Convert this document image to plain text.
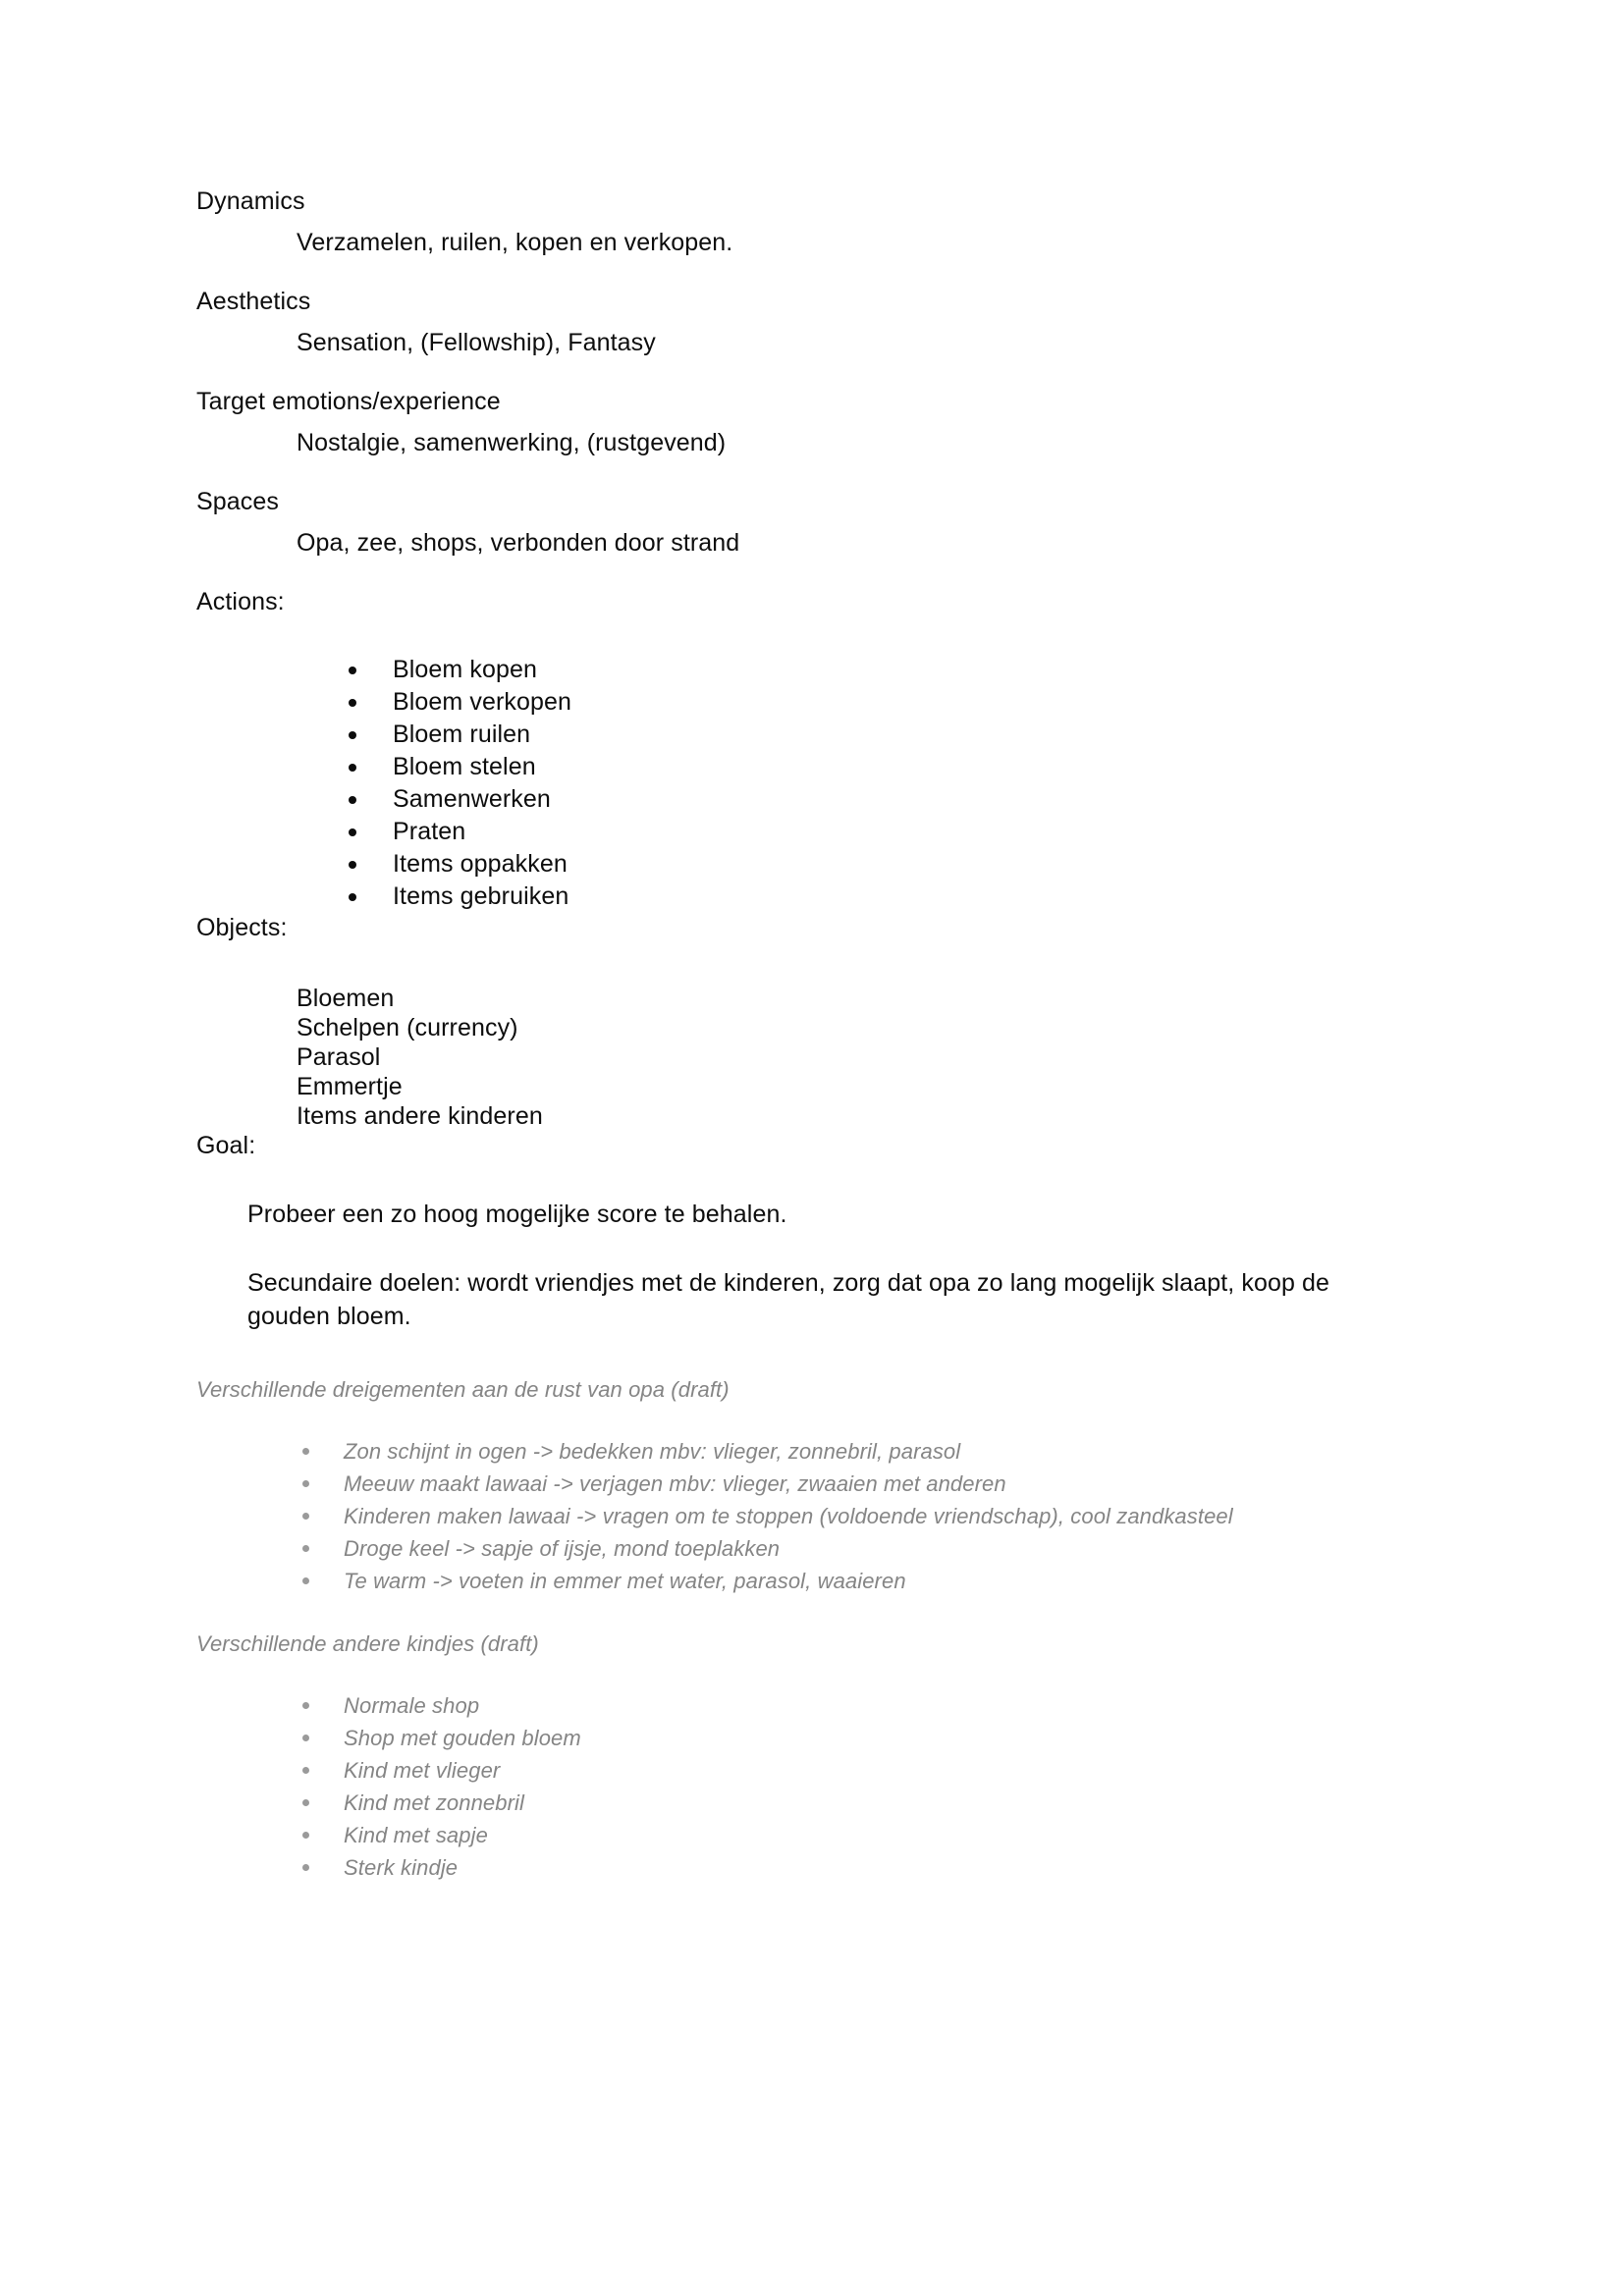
Dynamics

Verzamelen, ruilen, kopen en verkopen.

Aesthetics

Sensation, (Fellowship), Fantasy

Target emotions/experience

Nostalgie, samenwerking, (rustgevend)

Spaces

Opa, zee, shops, verbonden door strand

Actions:

Bloem kopen
Bloem verkopen
Bloem ruilen
Bloem stelen
Samenwerken
Praten
Items oppakken
Items gebruiken

Objects:

Bloemen
Schelpen (currency)
Parasol
Emmertje
Items andere kinderen

Goal:

Probeer een zo hoog mogelijke score te behalen.

Secundaire doelen: wordt vriendjes met de kinderen, zorg dat opa zo lang mogelijk slaapt, koop de gouden bloem.

Verschillende dreigementen aan de rust van opa (draft)

Zon schijnt in ogen -> bedekken mbv: vlieger, zonnebril, parasol
Meeuw maakt lawaai -> verjagen mbv: vlieger, zwaaien met anderen
Kinderen maken lawaai -> vragen om te stoppen (voldoende vriendschap), cool zandkasteel
Droge keel -> sapje of ijsje, mond toeplakken
Te warm -> voeten in emmer met water, parasol, waaieren

Verschillende andere kindjes (draft)

Normale shop
Shop met gouden bloem
Kind met vlieger
Kind met zonnebril
Kind met sapje
Sterk kindje
